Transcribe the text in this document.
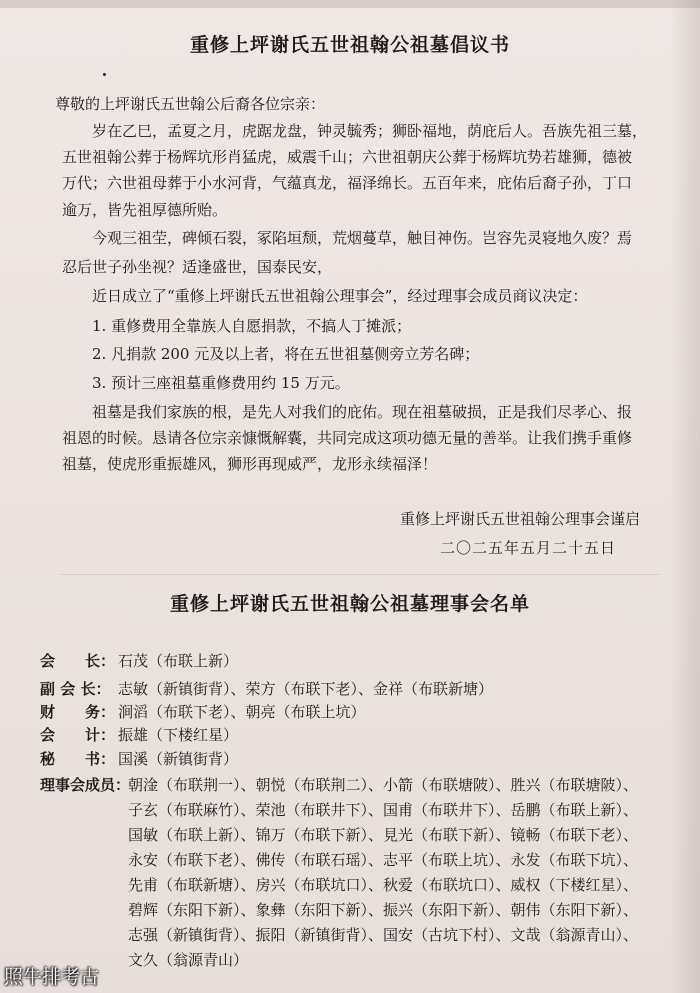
重修上坪谢氏五世祖翰公祖墓倡议书
尊敬的上坪谢氏五世翰公后裔各位宗亲：
　　岁在乙巳，孟夏之月，虎踞龙盘，钟灵毓秀；狮卧福地，荫庇后人。吾族先祖三墓，
五世祖翰公葬于杨辉坑形肖猛虎，威震千山；六世祖朝庆公葬于杨辉坑势若雄狮，德被
万代；六世祖母葬于小水河背，气蕴真龙，福泽绵长。五百年来，庇佑后裔子孙，丁口
逾万，皆先祖厚德所贻。
　　今观三祖茔，碑倾石裂，冢陷垣颓，荒烟蔓草，触目神伤。岂容先灵寝地久废？焉
忍后世子孙坐视？适逢盛世，国泰民安，
　　近日成立了“重修上坪谢氏五世祖翰公理事会”，经过理事会成员商议决定：
　　1. 重修费用全靠族人自愿捐款，不搞人丁摊派；
　　2. 凡捐款 200 元及以上者，将在五世祖墓侧旁立芳名碑；
　　3. 预计三座祖墓重修费用约 15 万元。
　　祖墓是我们家族的根，是先人对我们的庇佑。现在祖墓破损，正是我们尽孝心、报
祖恩的时候。恳请各位宗亲慷慨解囊，共同完成这项功德无量的善举。让我们携手重修
祖墓，使虎形重振雄风，狮形再现威严，龙形永续福泽！
重修上坪谢氏五世祖翰公理事会谨启
二〇二五年五月二十五日
重修上坪谢氏五世祖翰公祖墓理事会名单
会　　长： 石茂（布联上新）
副 会 长： 志敏（新镇街背）、荣方（布联下老）、金祥（布联新塘）
财　　务： 涧滔（布联下老）、朝亮（布联上坑）
会　　计： 振雄（下楼红星）
秘　　书： 国溪（新镇街背）
理事会成员：
朝淦（布联荆一）、朝悦（布联荆二）、小箭（布联塘陂）、胜兴（布联塘陂）、
子玄（布联麻竹）、荣池（布联井下）、国甫（布联井下）、岳鹏（布联上新）、
国敏（布联上新）、锦万（布联下新）、見光（布联下新）、镜畅（布联下老）、
永安（布联下老）、佛传（布联石瑶）、志平（布联上坑）、永发（布联下坑）、
先甫（布联新塘）、房兴（布联坑口）、秋爱（布联坑口）、威权（下楼红星）、
碧辉（东阳下新）、象彝（东阳下新）、振兴（东阳下新）、朝伟（东阳下新）、
志强（新镇街背）、振阳（新镇街背）、国安（古坑下村）、文哉（翁源青山）、
文久（翁源青山）
照牛排考古
